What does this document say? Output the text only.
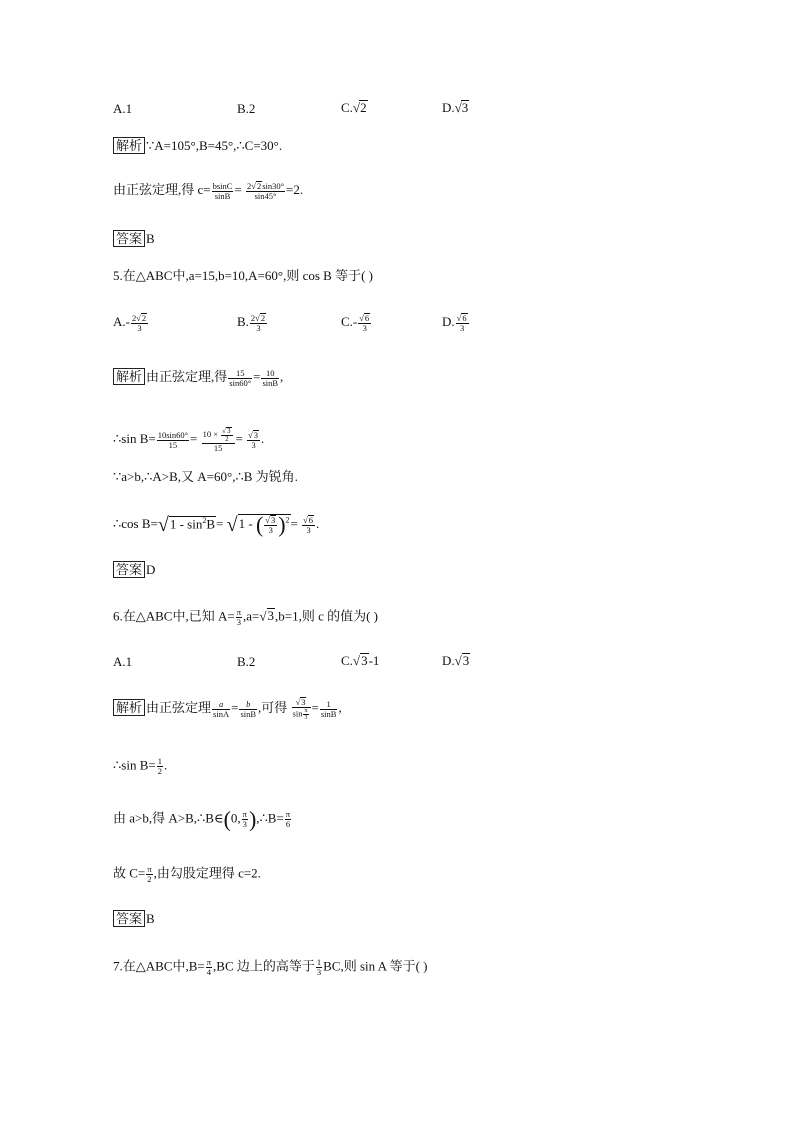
A.1	B.2	C.√2	D.√3
解析 ∵A=105°,B=45°,∴C=30°.
由正弦定理,得 $c= \frac{bsinC}{\sin B} = \frac{2√2\sin 30^\circ}{\sin 45^\circ} =2$.
答案 B
5.在△ABC中,a=15,b=10,A=60°,则 cos B 等于( )
$A.- \frac{2√2}{3}$	B. $\frac{2√2}{3}$	$C.- \frac{√6}{3}$	D. $\frac{√6}{3}$
解析 由正弦定理,得 $\frac{15}{\sin 60^\circ} = \frac{10}{\sin B}$ ,
∴sin $B= \frac{10\sin 60^\circ}{15} = \frac{10 \times \frac{√3}{2}}{15} = \frac{√3}{3}$ .
∵a>b,∴A>B,又 A=60°,∴B 为锐角.
∴cos $B=√1 - \sin^2B= √1$ - ( $\frac{√3}{3} )^2= \frac{√6}{3}$ .
答案 D
6.在△ABC中,已知 $A= \frac{\pi}{3} ,a=√3,b=1$,则 c 的值为( )
A.1	B.2	C.√3-1	D.√3
解析 由正弦定理 $\frac{a}{\sin A} = \frac{b}{\sin B}$ ,可得 $\frac{√3}{\sin \frac{\pi}{3}} = \frac{1}{\sin B}$ ,
∴sin $B= \frac{1}{2}$ .
由 a>b,得 A>B,∴B∈(0, $\frac{\pi}{3}$ ),∴B= $\frac{\pi}{6}$
故 $C= \frac{\pi}{2}$ ,由勾股定理得 c=2.
答案 B
7.在△ABC中$,B= \frac{\pi}{4} ,BC$ 边上的高等于 $\frac{1}{3}$ BC,则 sin A 等于( )
